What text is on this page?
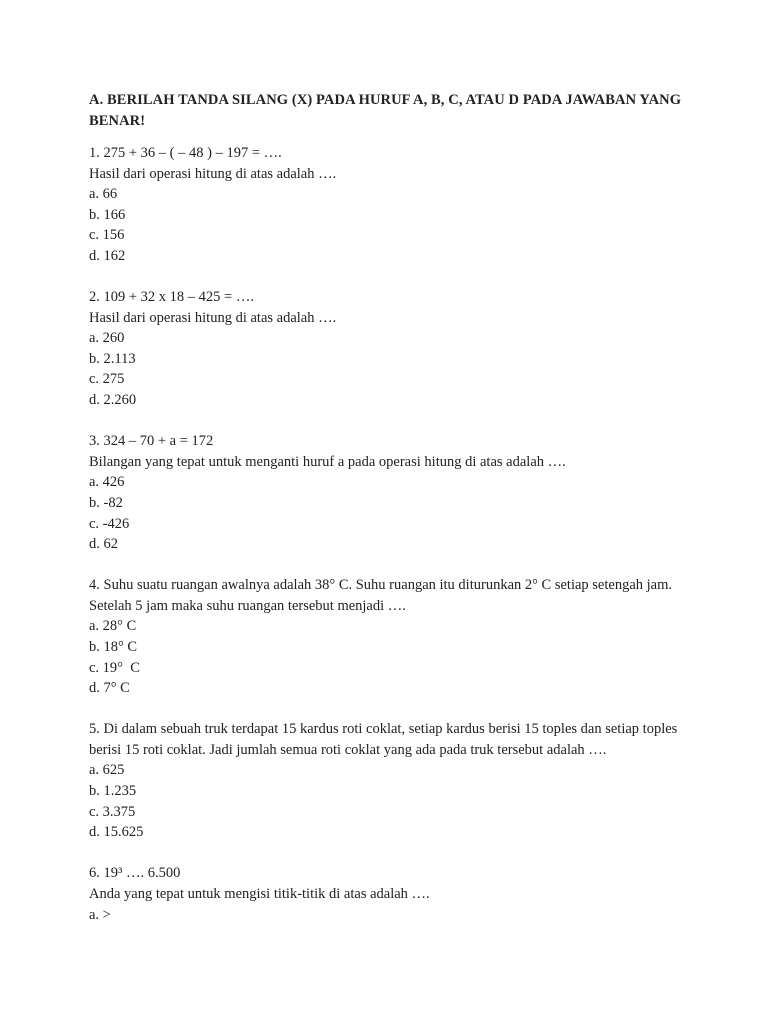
A. BERILAH TANDA SILANG (X) PADA HURUF A, B, C, ATAU D PADA JAWABAN YANG BENAR!
1. 275 + 36 – ( – 48 ) – 197 = ….
Hasil dari operasi hitung di atas adalah ….
a. 66
b. 166
c. 156
d. 162
2. 109 + 32 x 18 – 425 = ….
Hasil dari operasi hitung di atas adalah ….
a. 260
b. 2.113
c. 275
d. 2.260
3. 324 – 70 + a = 172
Bilangan yang tepat untuk menganti huruf a pada operasi hitung di atas adalah ….
a. 426
b. -82
c. -426
d. 62
4. Suhu suatu ruangan awalnya adalah 38° C. Suhu ruangan itu diturunkan 2° C setiap setengah jam. Setelah 5 jam maka suhu ruangan tersebut menjadi ….
a. 28° C
b. 18° C
c. 19°  C
d. 7° C
5. Di dalam sebuah truk terdapat 15 kardus roti coklat, setiap kardus berisi 15 toples dan setiap toples berisi 15 roti coklat. Jadi jumlah semua roti coklat yang ada pada truk tersebut adalah ….
a. 625
b. 1.235
c. 3.375
d. 15.625
6. 19³ …. 6.500
Anda yang tepat untuk mengisi titik-titik di atas adalah ….
a. >
